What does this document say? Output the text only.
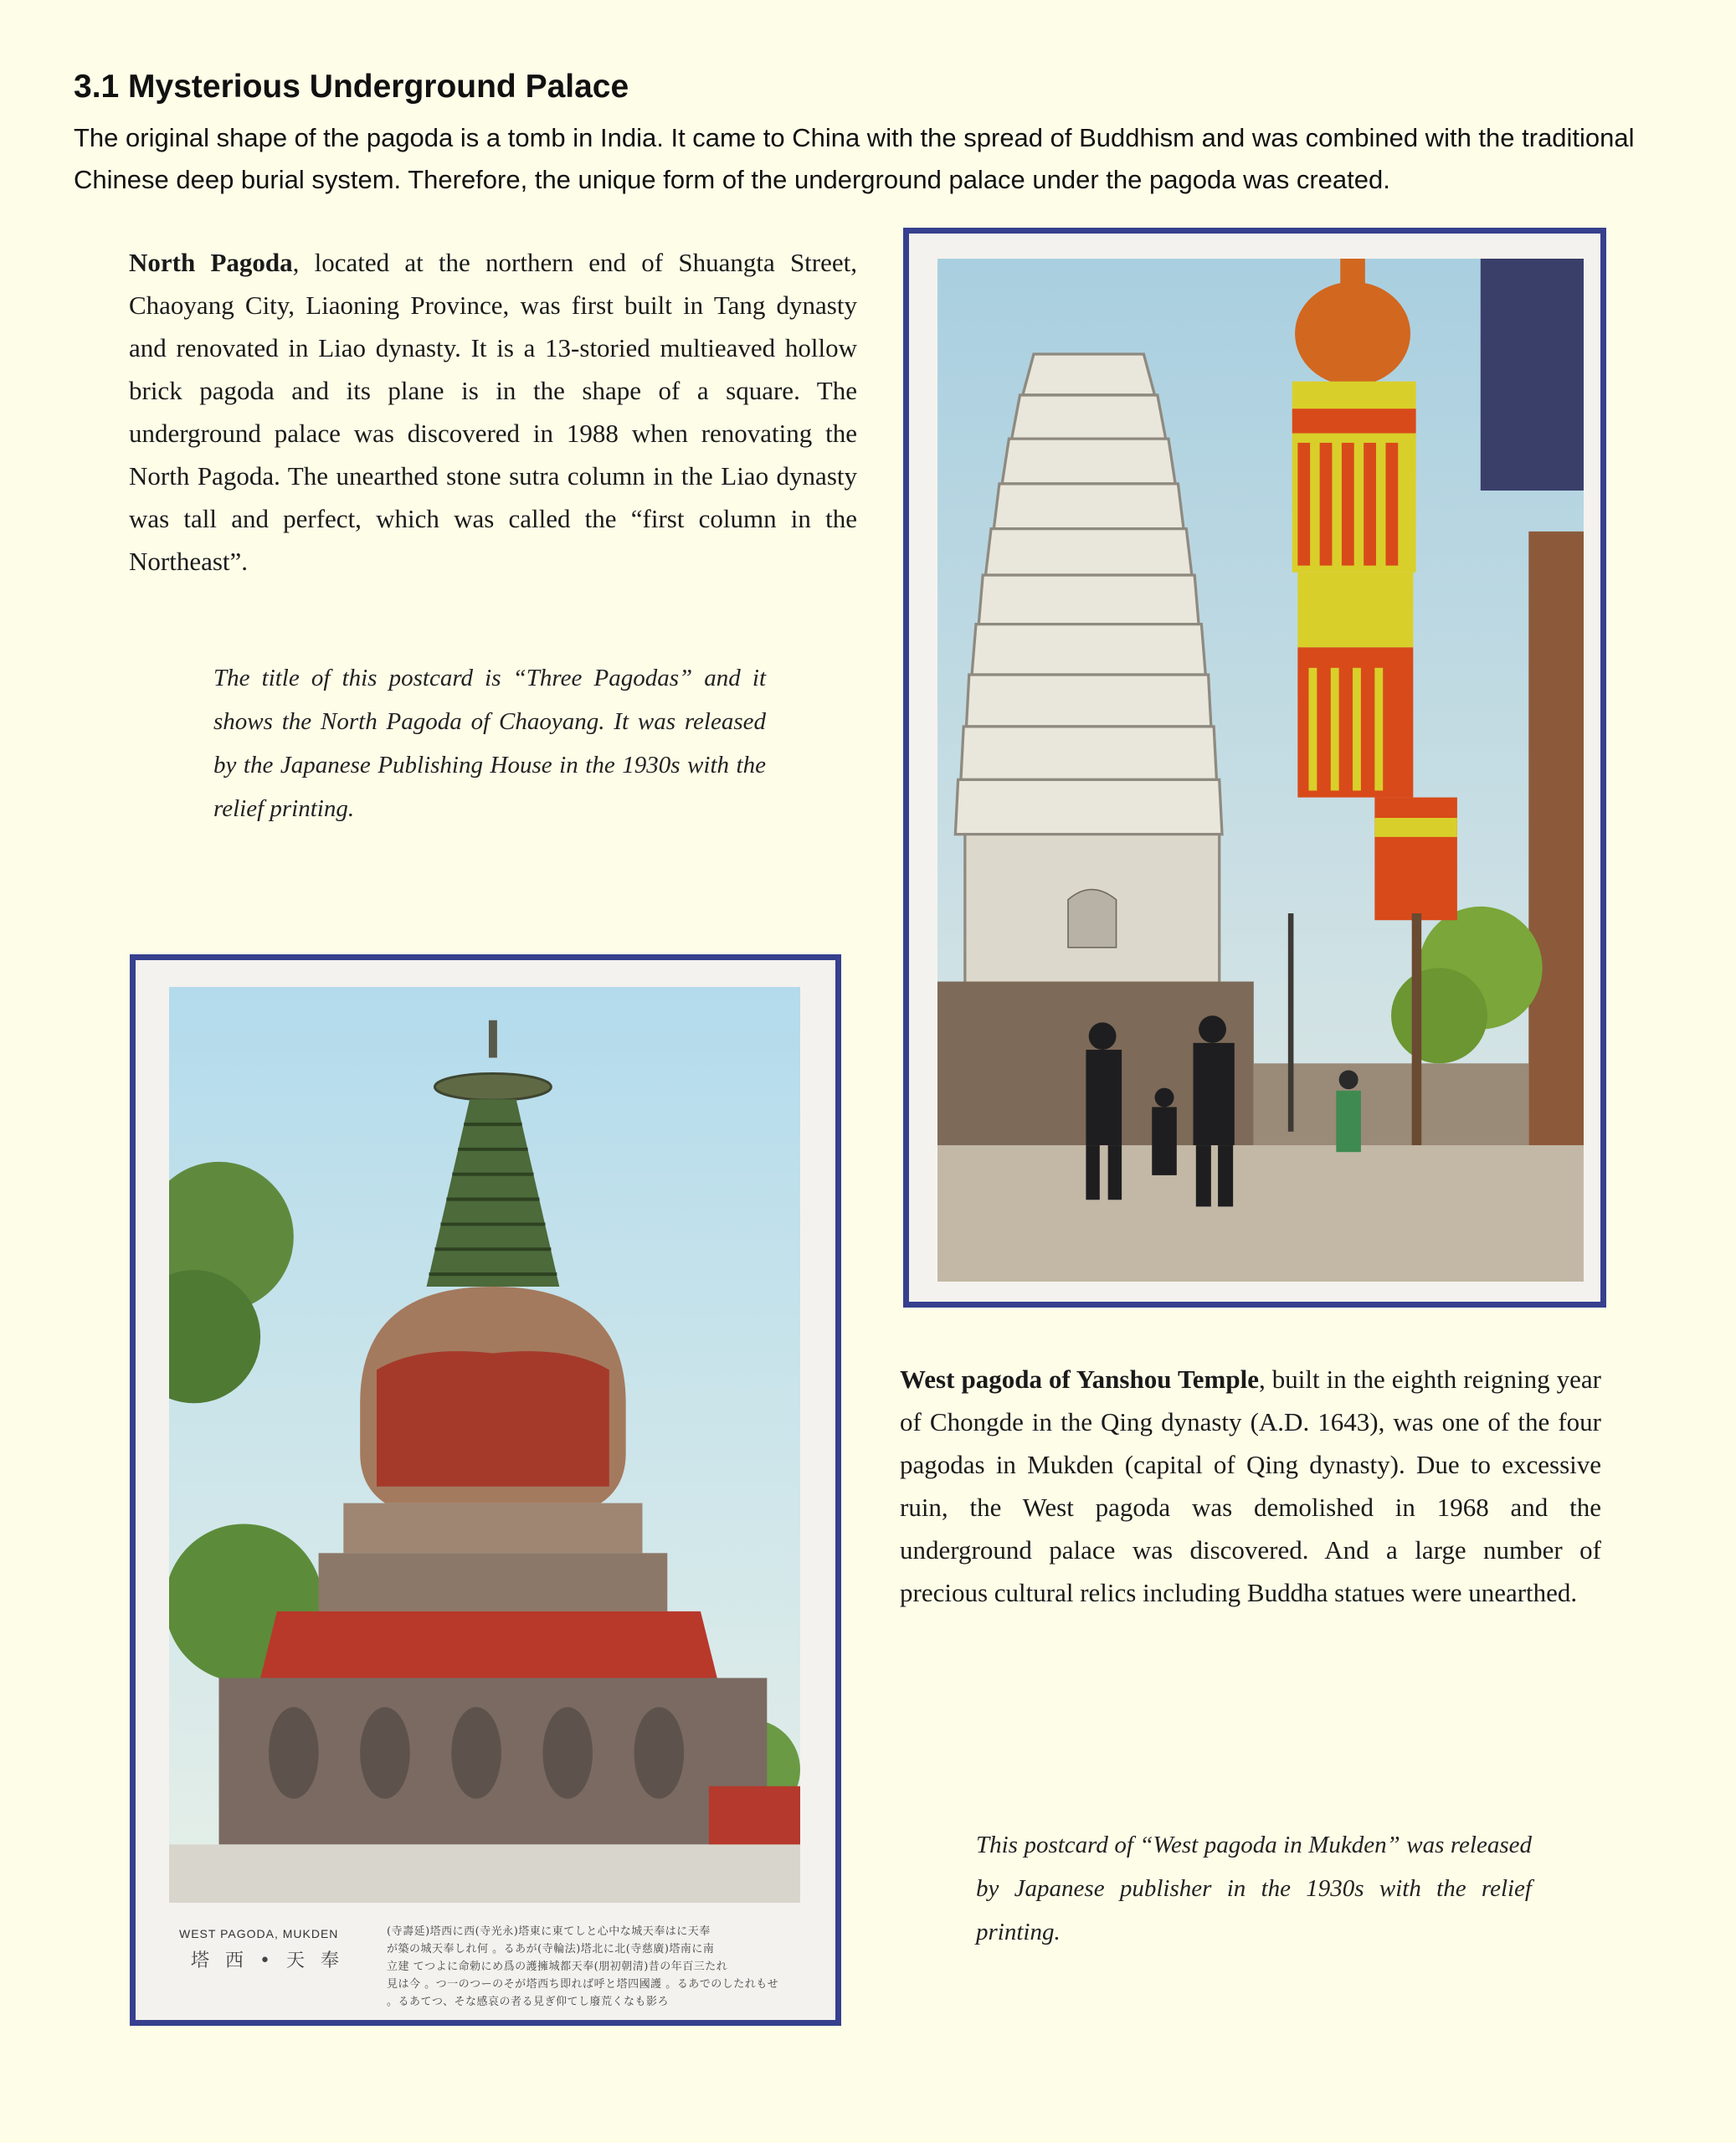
3.1 Mysterious Underground Palace

The original shape of the pagoda is a tomb in India. It came to China with the spread of Buddhism and was combined with the traditional Chinese deep burial system. Therefore, the unique form of the underground palace under the pagoda was created.

North Pagoda, located at the northern end of Shuangta Street, Chaoyang City, Liaoning Province, was first built in Tang dynasty and renovated in Liao dynasty. It is a 13-storied multieaved hollow brick pagoda and its plane is in the shape of a square. The underground palace was discovered in 1988 when renovating the North Pagoda. The unearthed stone sutra column in the Liao dynasty was tall and perfect, which was called the “first column in the Northeast”.

The title of this postcard is “Three Pagodas” and it shows the North Pagoda of Chaoyang. It was released by the Japanese Publishing House in the 1930s with the relief printing.

West pagoda of Yanshou Temple, built in the eighth reigning year of Chongde in the Qing dynasty (A.D. 1643), was one of the four pagodas in Mukden (capital of Qing dynasty). Due to excessive ruin, the West pagoda was demolished in 1968 and the underground palace was discovered. And a large number of precious cultural relics including Buddha statues were unearthed.

This postcard of “West pagoda in Mukden” was released by Japanese publisher in the 1930s with the relief printing.

WEST PAGODA, MUKDEN
塔 西 • 天 奉
(寺壽延)塔西に西(寺光永)塔東に東てしと心中な城天奉はに天奉
が築の城天奉しれ何 。るあが(寺輪法)塔北に北(寺慈廣)塔南に南
立建 てつよに命勅にめ爲の護擁城都天奉(朋初朝清)昔の年百三たれ
見は今 。つ一のつーのそが塔西ち即れば呼と塔四國護 。るあでのしたれもせ
。るあてつ、そな感哀の者る見ぎ仰てし廢荒くなも影ろ
